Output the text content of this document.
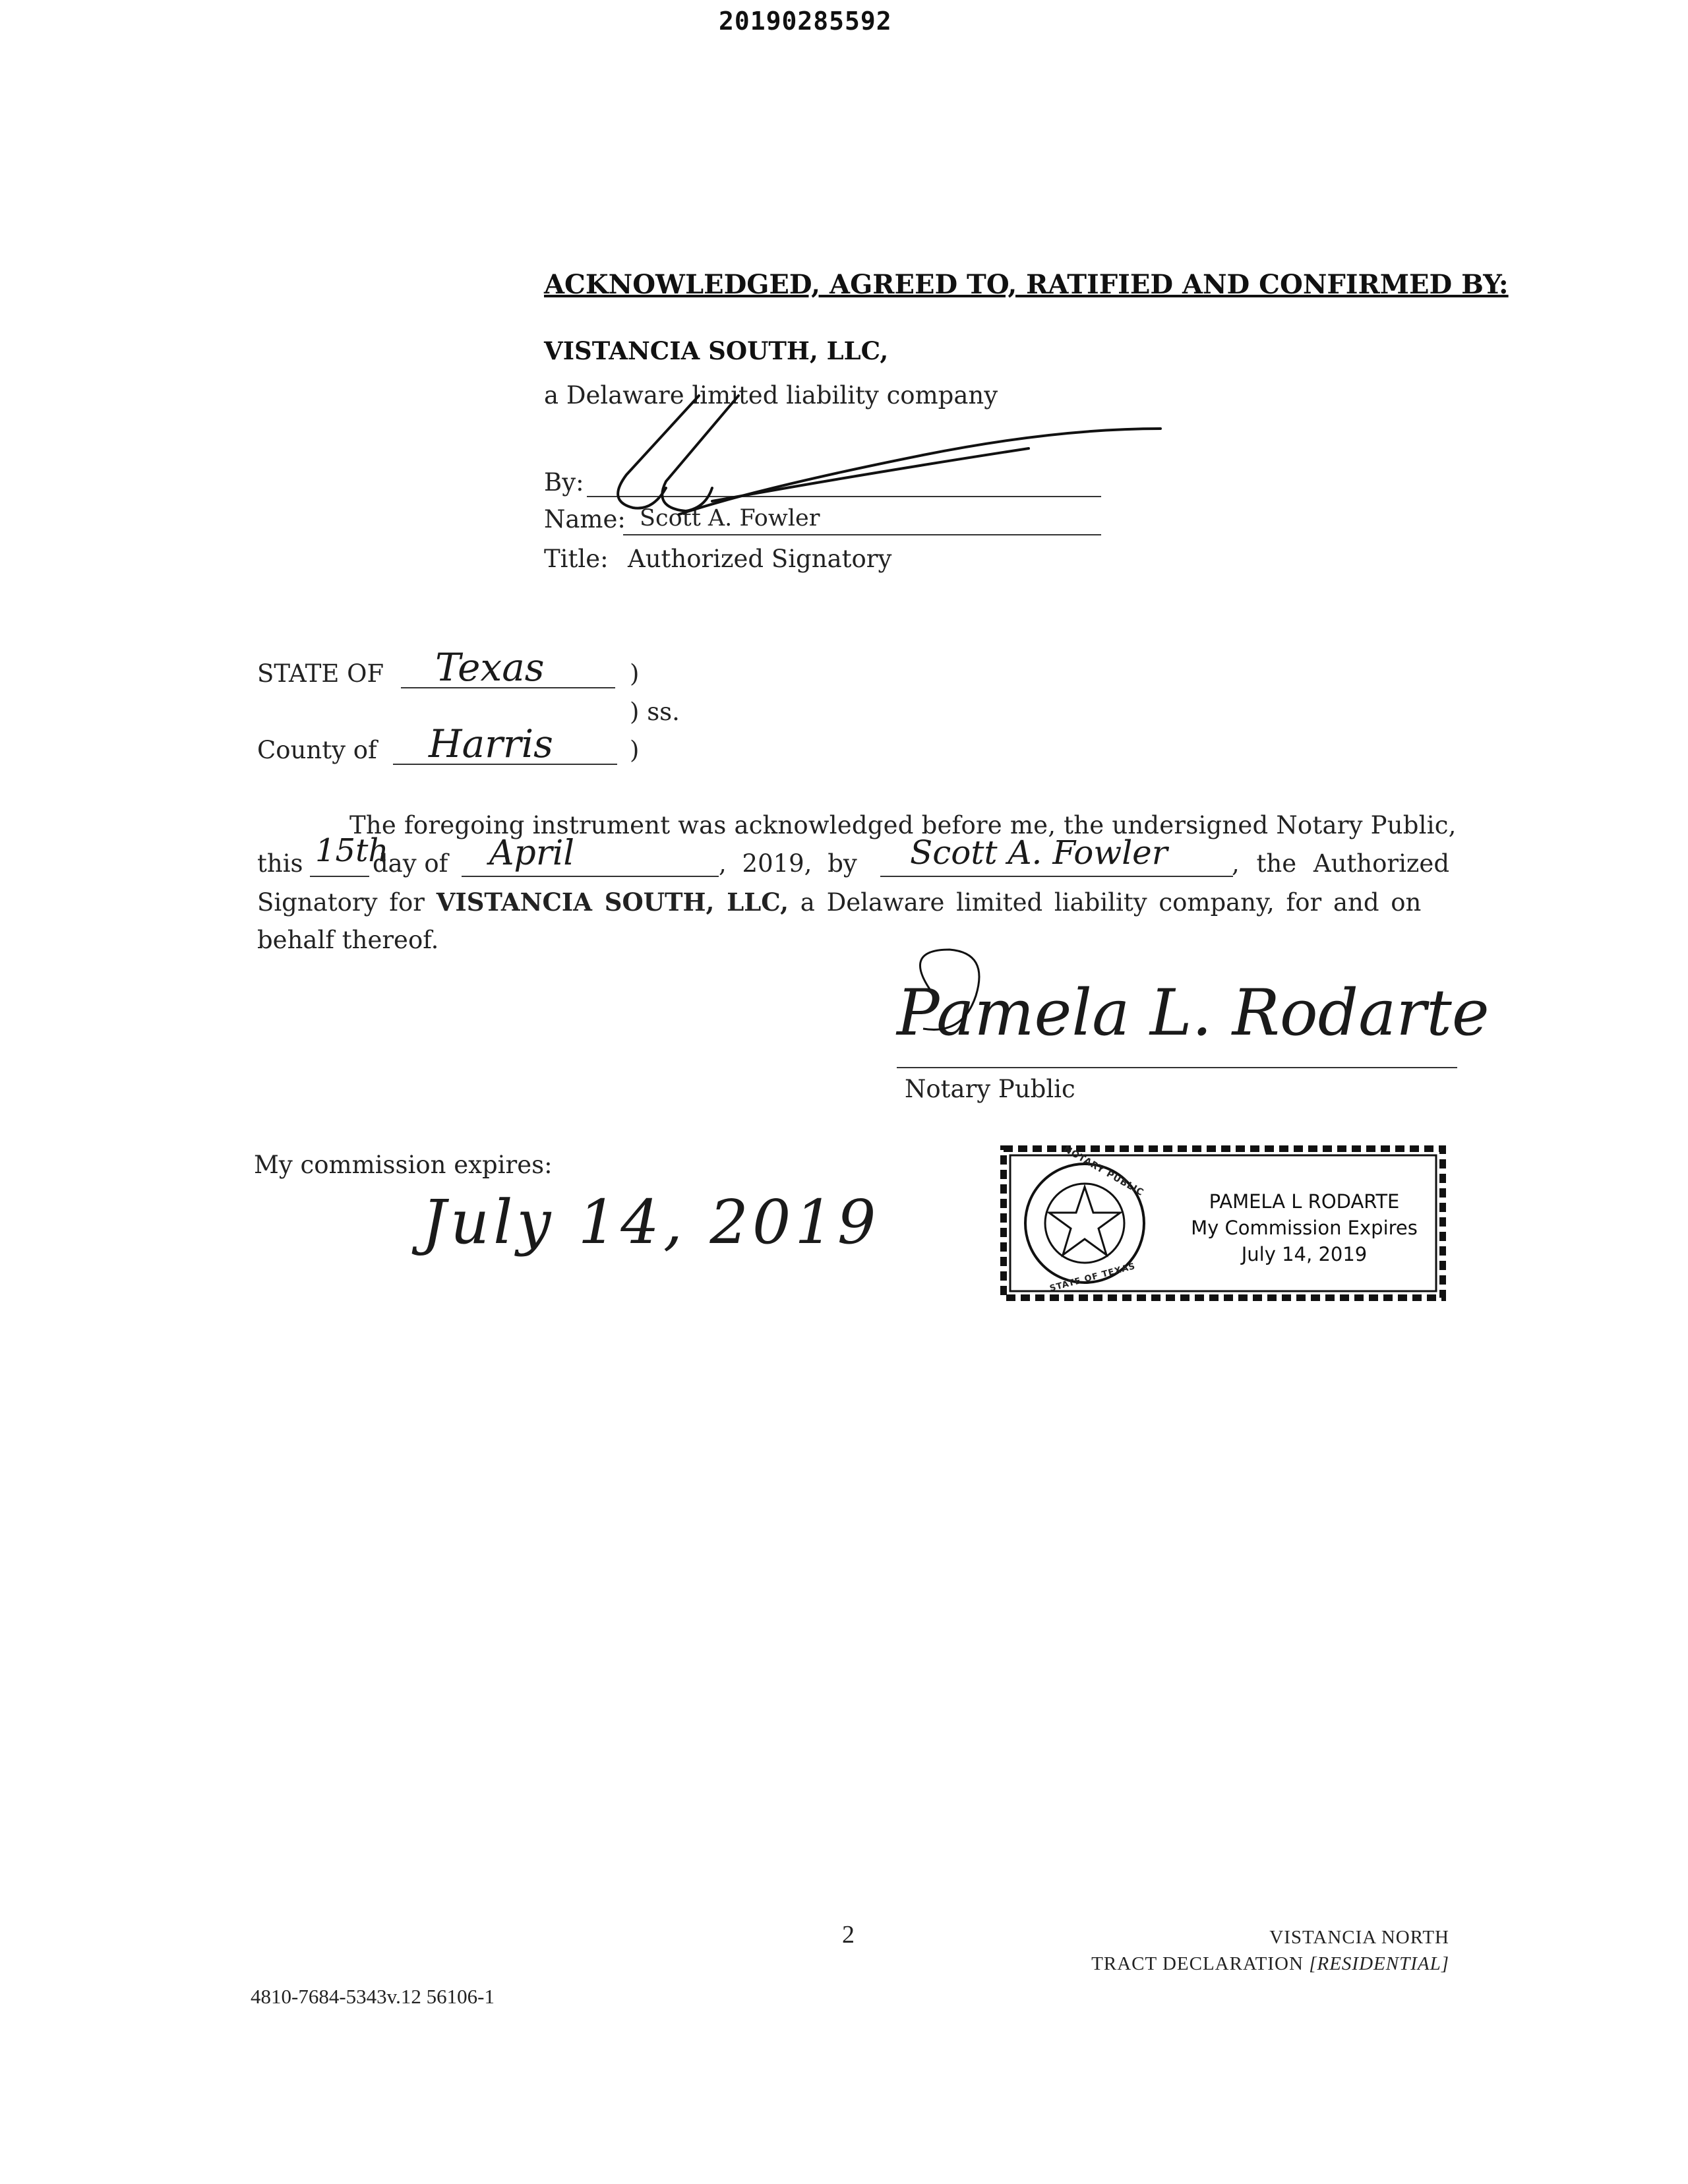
20190285592
ACKNOWLEDGED, AGREED TO, RATIFIED AND CONFIRMED BY:
VISTANCIA SOUTH, LLC,
a Delaware limited liability company
By:
Name: Scott A. Fowler
Title: Authorized Signatory
STATE OF Texas	)
) ss.
County of Harris	)
The foregoing instrument was acknowledged before me, the undersigned Notary Public,
this 15th
day of April	, 2019, by Scott A. Fowler	, the Authorized
Signatory for VISTANCIA SOUTH, LLC, a Delaware limited liability company, for and on
behalf thereof.
Pamela L. Rodarte
Notary Public
My commission expires:
July 14, 2019
NOTARY PUBLIC
STATE OF TEXAS
PAMELA L RODARTE
My Commission Expires
July 14, 2019
2	VISTANCIA NORTH
TRACT DECLARATION [RESIDENTIAL]
4810-7684-5343v.12 56106-1
